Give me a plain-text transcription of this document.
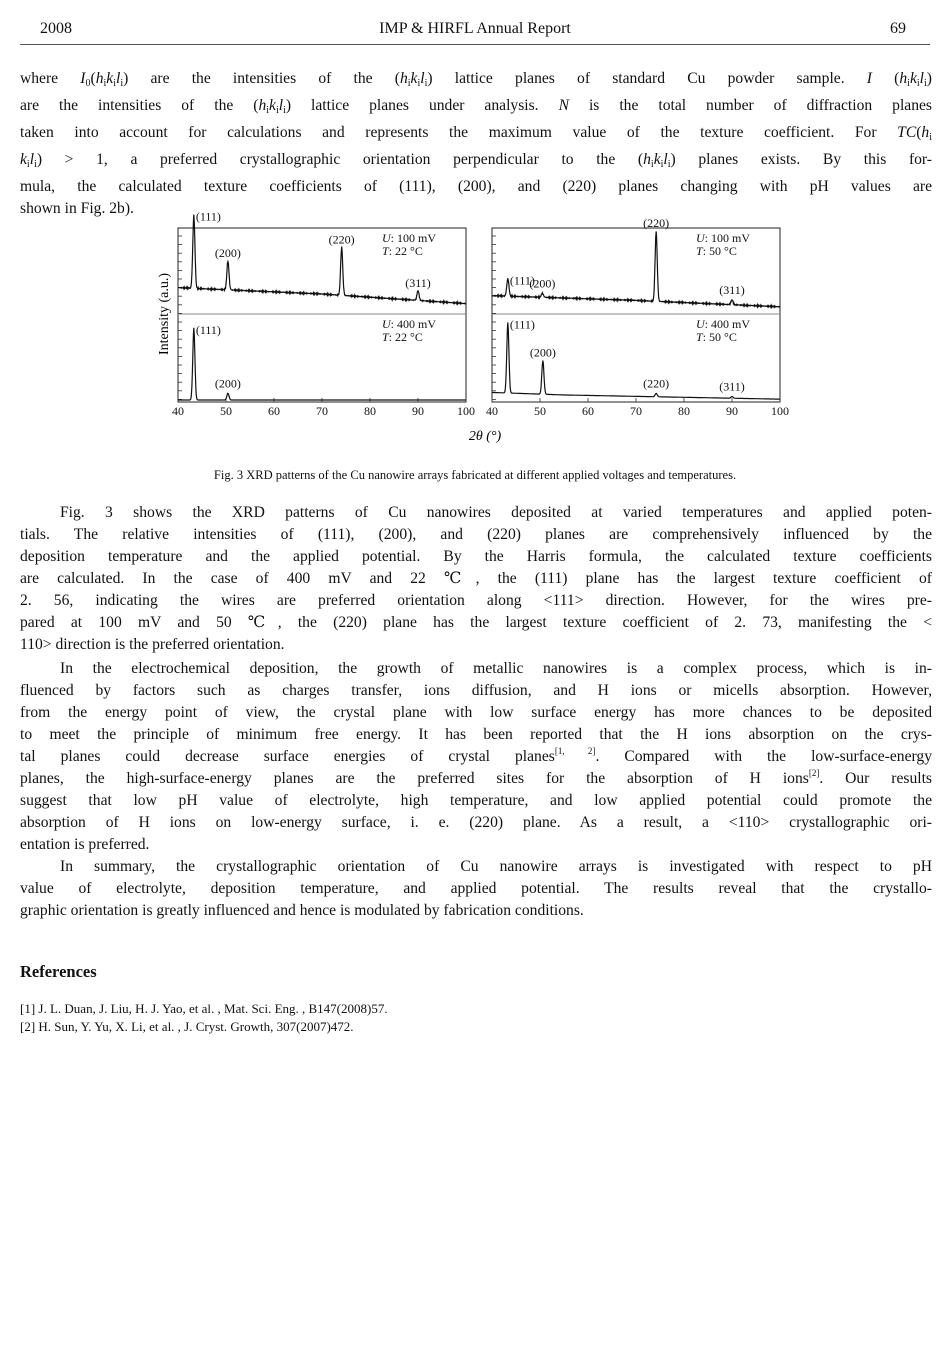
2008	IMP & HIRFL Annual Report	69
where $I_0(h_ik_il_i)$ are the intensities of the $(h_ik_il_i)$ lattice planes of standard Cu powder sample. I $(h_ik_il_i)$
are the intensities of the $(h_ik_il_i)$ lattice planes under analysis. N is the total number of diffraction planes
taken into account for calculations and represents the maximum value of the texture coefficient. For $TC(h_i$
$k_il_i) > 1$, a preferred crystallographic orientation perpendicular to the $(h_ik_il_i)$ planes exists. By this for-
mula, the calculated texture coefficients of (111), (200), and (220) planes changing with pH values are
shown in Fig. 2b).
Intensity (a.u.)
2θ (°)
40	50	60	70	80	90	100 40	50	60	70	80	90	100
(111)
(200)
(220)
(311)
U: 100 mV
T: 22 °C
(111)
(200)
U: 400 mV
T: 22 °C
(111)
(200)
(220)
(311)
U: 100 mV
T: 50 °C
(111)
(200)
(220)	(311)
U: 400 mV
T: 50 °C
Fig. 3 XRD patterns of the Cu nanowire arrays fabricated at different applied voltages and temperatures.
Fig. 3 shows the XRD patterns of Cu nanowires deposited at varied temperatures and applied poten-
tials. The relative intensities of (111), (200), and (220) planes are comprehensively influenced by the
deposition temperature and the applied potential. By the Harris formula, the calculated texture coefficients
are calculated. In the case of 400 mV and 22 ℃, the (111) plane has the largest texture coefficient of
2. 56, indicating the wires are preferred orientation along <111> direction. However, for the wires pre-
pared at 100 mV and 50 ℃, the (220) plane has the largest texture coefficient of 2. 73, manifesting the <
110> direction is the preferred orientation.
In the electrochemical deposition, the growth of metallic nanowires is a complex process, which is in-
fluenced by factors such as charges transfer, ions diffusion, and H ions or micells absorption. However,
from the energy point of view, the crystal plane with low surface energy has more chances to be deposited
to meet the principle of minimum free energy. It has been reported that the H ions absorption on the crys-
tal planes could decrease surface energies of crystal planes[1, 2]. Compared with the low-surface-energy
planes, the high-surface-energy planes are the preferred sites for the absorption of H ions[2]. Our results
suggest that low pH value of electrolyte, high temperature, and low applied potential could promote the
absorption of H ions on low-energy surface, i. e. (220) plane. As a result, a <110> crystallographic ori-
entation is preferred.
In summary, the crystallographic orientation of Cu nanowire arrays is investigated with respect to pH
value of electrolyte, deposition temperature, and applied potential. The results reveal that the crystallo-
graphic orientation is greatly influenced and hence is modulated by fabrication conditions.
References
[1] J. L. Duan, J. Liu, H. J. Yao, et al. , Mat. Sci. Eng. , B147(2008)57.
[2] H. Sun, Y. Yu, X. Li, et al. , J. Cryst. Growth, 307(2007)472.
